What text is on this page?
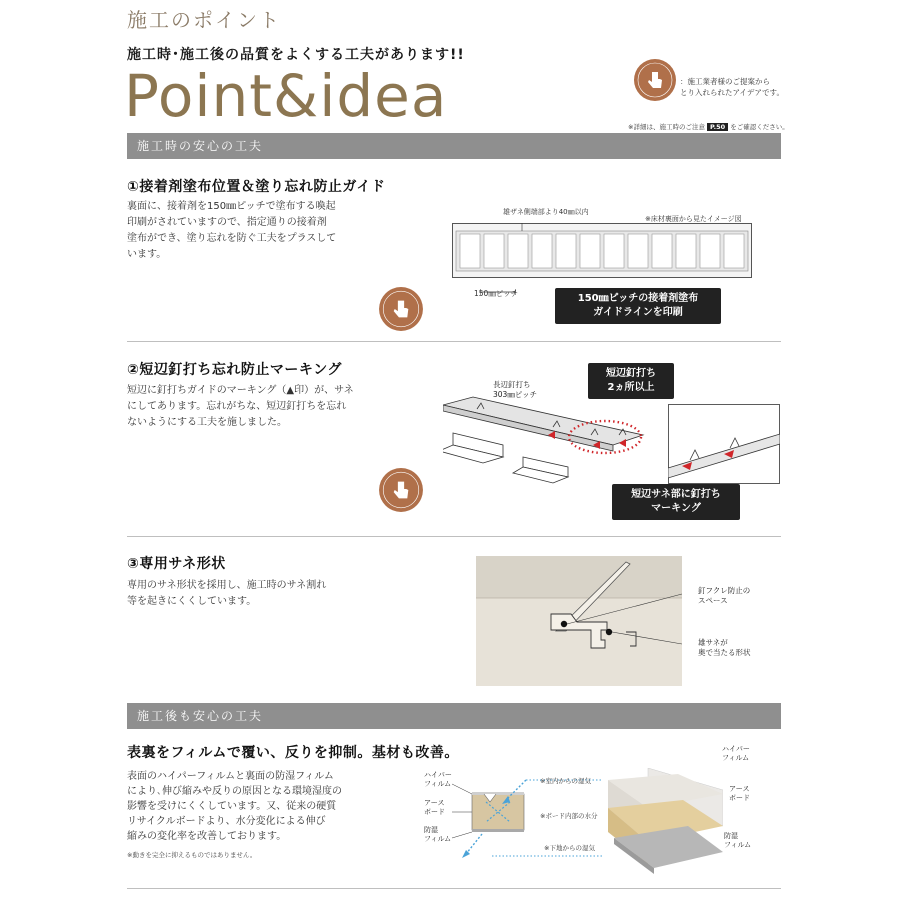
施工のポイント
施工時･施工後の品質をよくする工夫があります!!
Point&idea	：施工業者様のご提案から
とり入れられたアイデアです。
※詳細は、施工時のご注意 P.50 をご確認ください。
施工時の安心の工夫
①接着剤塗布位置＆塗り忘れ防止ガイド
裏面に、接着剤を150㎜ピッチで塗布する喚起
印刷がされていますので、指定通りの接着剤
塗布ができ、塗り忘れを防ぐ工夫をプラスして
います。
雄ザネ側端部より40㎜以内
※床材裏面から見たイメージ図
150㎜ピッチ	150㎜ピッチの接着剤塗布
ガイドラインを印刷
②短辺釘打ち忘れ防止マーキング
短辺に釘打ちガイドのマーキング（▲印）が、サネ
にしてあります。忘れがちな、短辺釘打ちを忘れ
ないようにする工夫を施しました。
長辺釘打ち
303㎜ピッチ
短辺釘打ち
2ヵ所以上
短辺サネ部に釘打ち
マーキング
③専用サネ形状
専用のサネ形状を採用し、施工時のサネ割れ
等を起きにくくしています。
釘フクレ防止の
スペース
雄サネが
奥で当たる形状
施工後も安心の工夫
表裏をフィルムで覆い、反りを抑制。基材も改善。
表面のハイパーフィルムと裏面の防湿フィルム
により､伸び縮みや反りの原因となる環境湿度の
影響を受けにくくしています。又、従来の硬質
リサイクルボードより、水分変化による伸び
縮みの変化率を改善しております。
※動きを完全に抑えるものではありません。
ハイパー
フィルム
アース
ボード
防湿
フィルム
※室内からの湿気
※ボード内部の水分
※下地からの湿気
ハイパー
フィルム
アース
ボード
防湿
フィルム
